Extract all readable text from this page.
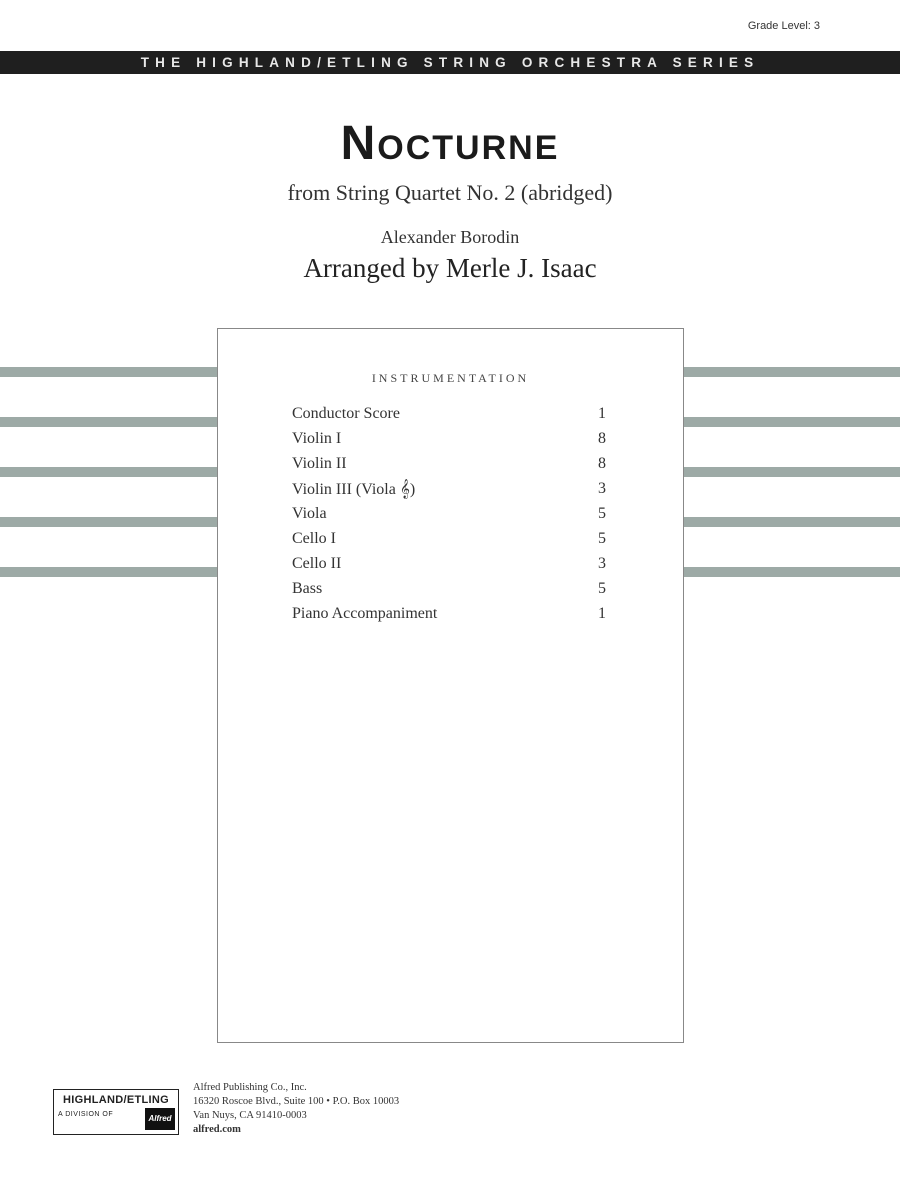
Grade Level: 3
THE HIGHLAND/ETLING STRING ORCHESTRA SERIES
Nocturne
from String Quartet No. 2 (abridged)
Alexander Borodin
Arranged by Merle J. Isaac
INSTRUMENTATION
Conductor Score	1
Violin I	8
Violin II	8
Violin III (Viola 𝄞)	3
Viola	5
Cello I	5
Cello II	3
Bass	5
Piano Accompaniment	1
HIGHLAND/ETLING
A DIVISION OF	Alfred
Alfred Publishing Co., Inc.
16320 Roscoe Blvd., Suite 100 • P.O. Box 10003
Van Nuys, CA 91410-0003
alfred.com
